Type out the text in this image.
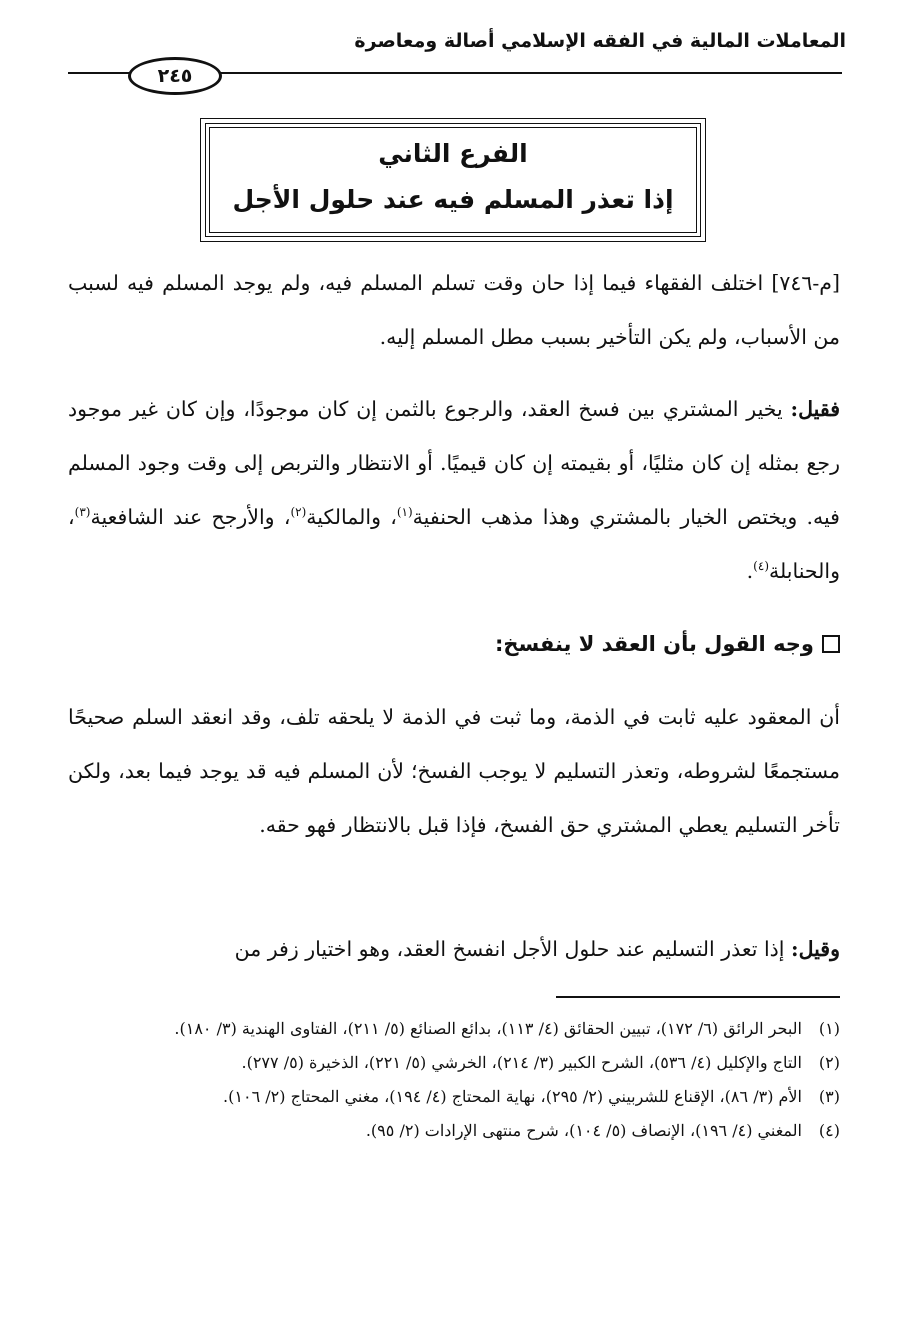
المعاملات المالية في الفقه الإسلامي أصالة ومعاصرة
٢٤٥
الفرع الثاني
إذا تعذر المسلم فيه عند حلول الأجل
[م-٧٤٦] اختلف الفقهاء فيما إذا حان وقت تسلم المسلم فيه، ولم يوجد المسلم فيه لسبب من الأسباب، ولم يكن التأخير بسبب مطل المسلم إليه.
فقيل: يخير المشتري بين فسخ العقد، والرجوع بالثمن إن كان موجودًا، وإن كان غير موجود رجع بمثله إن كان مثليًا، أو بقيمته إن كان قيميًا. أو الانتظار والتربص إلى وقت وجود المسلم فيه. ويختص الخيار بالمشتري وهذا مذهب الحنفية$^{(١)}$، والمالكية$^{(٢)}$، والأرجح عند الشافعية$^{(٣)}$، والحنابلة$^{(٤)}$.
وجه القول بأن العقد لا ينفسخ:
أن المعقود عليه ثابت في الذمة، وما ثبت في الذمة لا يلحقه تلف، وقد انعقد السلم صحيحًا مستجمعًا لشروطه، وتعذر التسليم لا يوجب الفسخ؛ لأن المسلم فيه قد يوجد فيما بعد، ولكن تأخر التسليم يعطي المشتري حق الفسخ، فإذا قبل بالانتظار فهو حقه.
وقيل: إذا تعذر التسليم عند حلول الأجل انفسخ العقد، وهو اختيار زفر من
(١)
البحر الرائق (٦/ ١٧٢)، تبيين الحقائق (٤/ ١١٣)، بدائع الصنائع (٥/ ٢١١)، الفتاوى الهندية (٣/ ١٨٠).
(٢)
التاج والإكليل (٤/ ٥٣٦)، الشرح الكبير (٣/ ٢١٤)، الخرشي (٥/ ٢٢١)، الذخيرة (٥/ ٢٧٧).
(٣)
الأم (٣/ ٨٦)، الإقناع للشربيني (٢/ ٢٩٥)، نهاية المحتاج (٤/ ١٩٤)، مغني المحتاج (٢/ ١٠٦).
(٤)
المغني (٤/ ١٩٦)، الإنصاف (٥/ ١٠٤)، شرح منتهى الإرادات (٢/ ٩٥).
